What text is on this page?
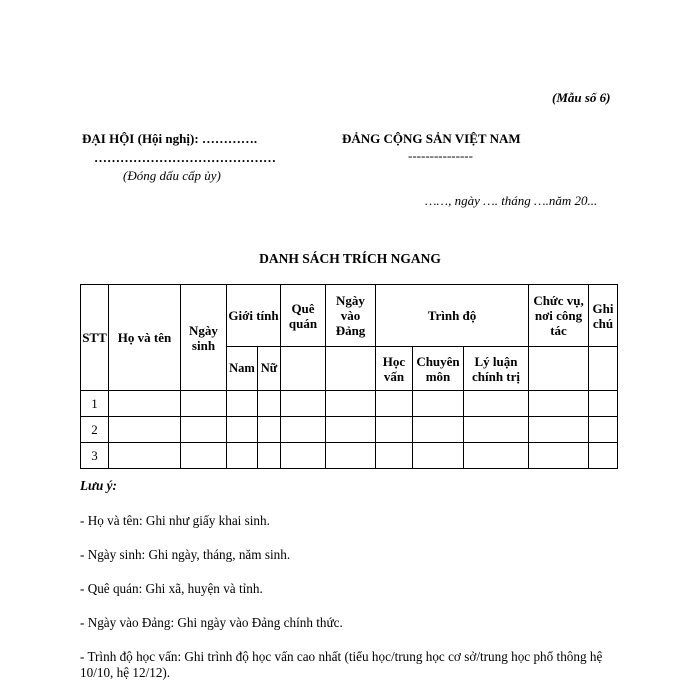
(Mẫu số 6)
ĐẠI HỘI (Hội nghị): ………….
……………………………………
(Đóng dấu cấp ủy)
ĐẢNG CỘNG SẢN VIỆT NAM
---------------
……, ngày …. tháng ….năm 20...
DANH SÁCH TRÍCH NGANG
STT	Họ và tên	Ngày sinh	Giới tính		Quê quán	Ngày vào Đảng	Trình độ			Chức vụ, nơi công tác	Ghi chú
			Nam	Nữ			Học vấn	Chuyên môn	Lý luận chính trị		
1											
2											
3											
Lưu ý:
- Họ và tên: Ghi như giấy khai sinh.
- Ngày sinh: Ghi ngày, tháng, năm sinh.
- Quê quán: Ghi xã, huyện và tỉnh.
- Ngày vào Đảng: Ghi ngày vào Đảng chính thức.
- Trình độ học vấn: Ghi trình độ học vấn cao nhất (tiểu học/trung học cơ sở/trung học phổ thông hệ 10/10, hệ 12/12).
